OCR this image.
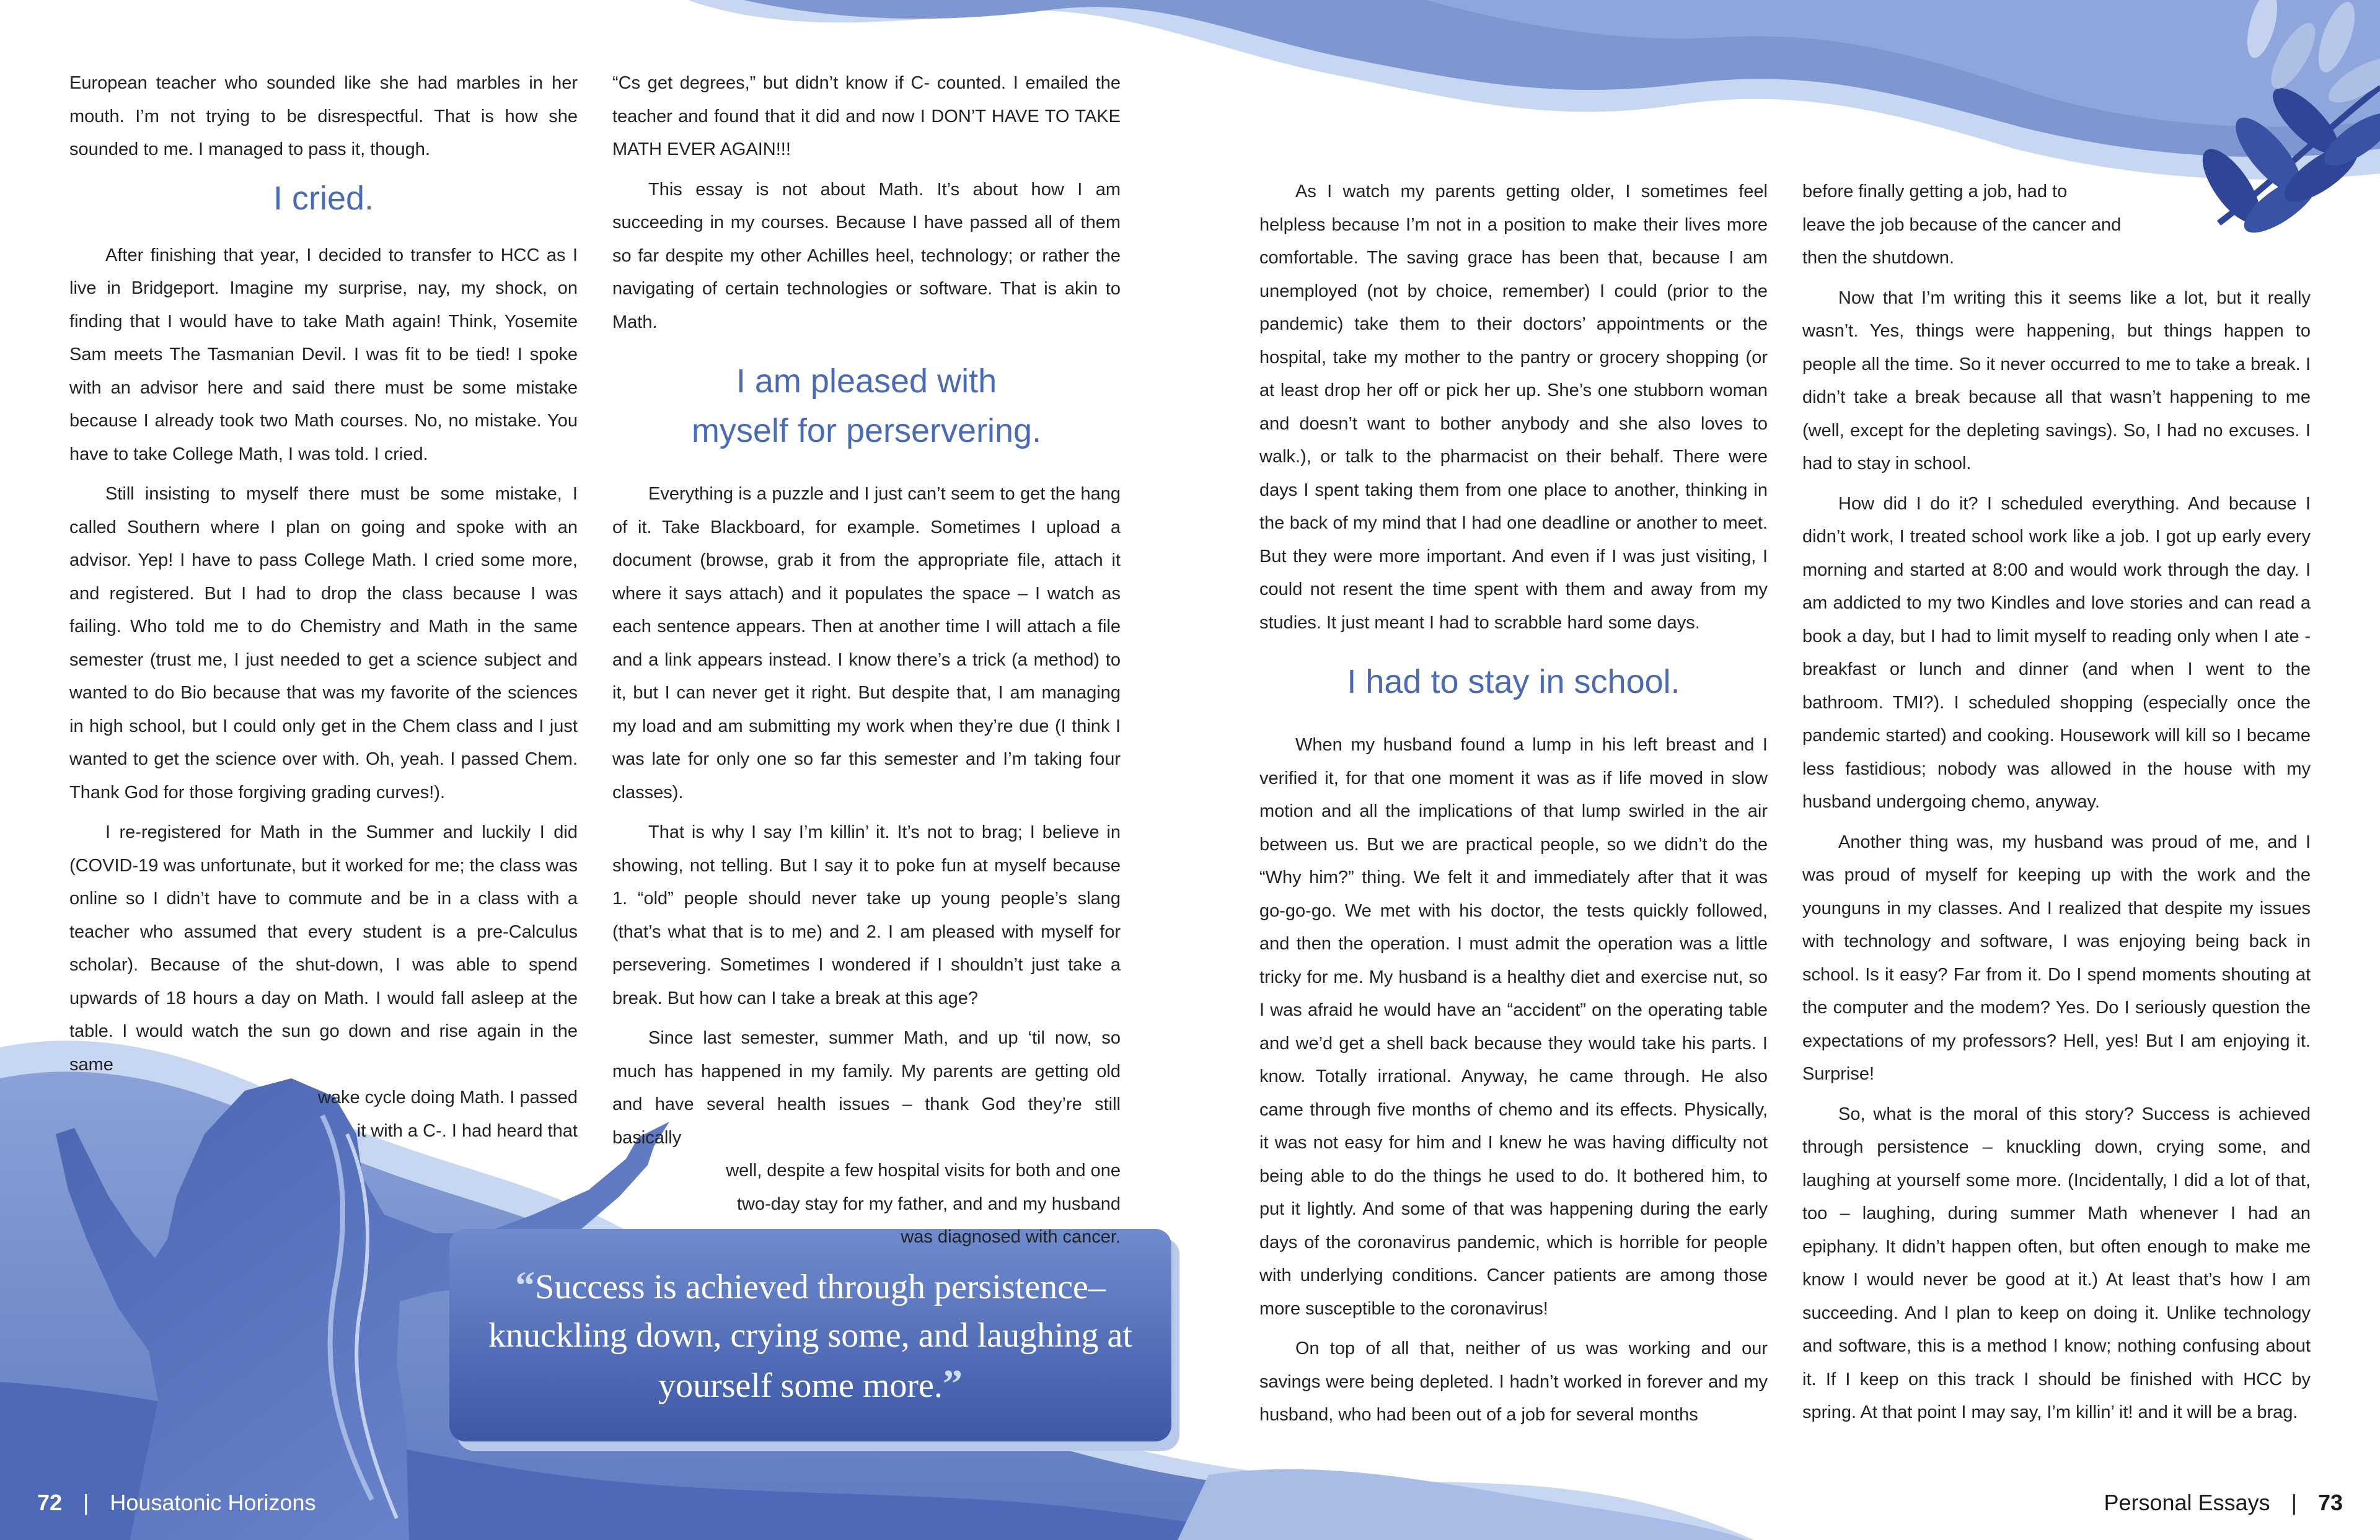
European teacher who sounded like she had marbles in her mouth. I’m not trying to be disrespectful. That is how she sounded to me. I managed to pass it, though.

I cried.

After finishing that year, I decided to transfer to HCC as I live in Bridgeport. Imagine my surprise, nay, my shock, on finding that I would have to take Math again! Think, Yosemite Sam meets The Tasmanian Devil. I was fit to be tied! I spoke with an advisor here and said there must be some mistake because I already took two Math courses. No, no mistake. You have to take College Math, I was told. I cried.

Still insisting to myself there must be some mistake, I called Southern where I plan on going and spoke with an advisor. Yep! I have to pass College Math. I cried some more, and registered. But I had to drop the class because I was failing. Who told me to do Chemistry and Math in the same semester (trust me, I just needed to get a science subject and wanted to do Bio because that was my favorite of the sciences in high school, but I could only get in the Chem class and I just wanted to get the science over with. Oh, yeah. I passed Chem. Thank God for those forgiving grading curves!).

I re-registered for Math in the Summer and luckily I did (COVID-19 was unfortunate, but it worked for me; the class was online so I didn’t have to commute and be in a class with a teacher who assumed that every student is a pre-Calculus scholar). Because of the shut-down, I was able to spend upwards of 18 hours a day on Math. I would fall asleep at the table. I would watch the sun go down and rise again in the same

wake cycle doing Math. I passed
it with a C-. I had heard that

“Cs get degrees,” but didn’t know if C- counted. I emailed the teacher and found that it did and now I DON’T HAVE TO TAKE MATH EVER AGAIN!!!

This essay is not about Math. It’s about how I am succeeding in my courses. Because I have passed all of them so far despite my other Achilles heel, technology; or rather the navigating of certain technologies or software. That is akin to Math.

I am pleased with
myself for perservering.

Everything is a puzzle and I just can’t seem to get the hang of it. Take Blackboard, for example. Sometimes I upload a document (browse, grab it from the appropriate file, attach it where it says attach) and it populates the space – I watch as each sentence appears. Then at another time I will attach a file and a link appears instead. I know there’s a trick (a method) to it, but I can never get it right. But despite that, I am managing my load and am submitting my work when they’re due (I think I was late for only one so far this semester and I’m taking four classes).

That is why I say I’m killin’ it. It’s not to brag; I believe in showing, not telling. But I say it to poke fun at myself because 1. “old” people should never take up young people’s slang (that’s what that is to me) and 2. I am pleased with myself for persevering. Sometimes I wondered if I shouldn’t just take a break. But how can I take a break at this age?

Since last semester, summer Math, and up ‘til now, so much has happened in my family. My parents are getting old and have several health issues – thank God they’re still basically

well, despite a few hospital visits for both and one
two-day stay for my father, and and my husband
was diagnosed with cancer.

As I watch my parents getting older, I sometimes feel helpless because I’m not in a position to make their lives more comfortable. The saving grace has been that, because I am unemployed (not by choice, remember) I could (prior to the pandemic) take them to their doctors’ appointments or the hospital, take my mother to the pantry or grocery shopping (or at least drop her off or pick her up. She’s one stubborn woman and doesn’t want to bother anybody and she also loves to walk.), or talk to the pharmacist on their behalf. There were days I spent taking them from one place to another, thinking in the back of my mind that I had one deadline or another to meet. But they were more important. And even if I was just visiting, I could not resent the time spent with them and away from my studies. It just meant I had to scrabble hard some days.

I had to stay in school.

When my husband found a lump in his left breast and I verified it, for that one moment it was as if life moved in slow motion and all the implications of that lump swirled in the air between us. But we are practical people, so we didn’t do the “Why him?” thing. We felt it and immediately after that it was go-go-go. We met with his doctor, the tests quickly followed, and then the operation. I must admit the operation was a little tricky for me. My husband is a healthy diet and exercise nut, so I was afraid he would have an “accident” on the operating table and we’d get a shell back because they would take his parts. I know. Totally irrational. Anyway, he came through. He also came through five months of chemo and its effects. Physically, it was not easy for him and I knew he was having difficulty not being able to do the things he used to do. It bothered him, to put it lightly. And some of that was happening during the early days of the coronavirus pandemic, which is horrible for people with underlying conditions. Cancer patients are among those more susceptible to the coronavirus!

On top of all that, neither of us was working and our savings were being depleted. I hadn’t worked in forever and my husband, who had been out of a job for several months

before finally getting a job, had to
leave the job because of the cancer and
then the shutdown.

Now that I’m writing this it seems like a lot, but it really wasn’t. Yes, things were happening, but things happen to people all the time. So it never occurred to me to take a break. I didn’t take a break because all that wasn’t happening to me (well, except for the depleting savings). So, I had no excuses. I had to stay in school.

How did I do it? I scheduled everything. And because I didn’t work, I treated school work like a job. I got up early every morning and started at 8:00 and would work through the day. I am addicted to my two Kindles and love stories and can read a book a day, but I had to limit myself to reading only when I ate - breakfast or lunch and dinner (and when I went to the bathroom. TMI?). I scheduled shopping (especially once the pandemic started) and cooking. Housework will kill so I became less fastidious; nobody was allowed in the house with my husband undergoing chemo, anyway.

Another thing was, my husband was proud of me, and I was proud of myself for keeping up with the work and the younguns in my classes. And I realized that despite my issues with technology and software, I was enjoying being back in school. Is it easy? Far from it. Do I spend moments shouting at the computer and the modem? Yes. Do I seriously question the expectations of my professors? Hell, yes! But I am enjoying it. Surprise!

So, what is the moral of this story? Success is achieved through persistence – knuckling down, crying some, and laughing at yourself some more. (Incidentally, I did a lot of that, too – laughing, during summer Math whenever I had an epiphany. It didn’t happen often, but often enough to make me know I would never be good at it.) At least that’s how I am succeeding. And I plan to keep on doing it. Unlike technology and software, this is a method I know; nothing confusing about it. If I keep on this track I should be finished with HCC by spring. At that point I may say, I’m killin’ it! and it will be a brag.

“Success is achieved through persistence– knuckling down, crying some, and laughing at yourself some more.”
72 | Housatonic Horizons	Personal Essays | 73
